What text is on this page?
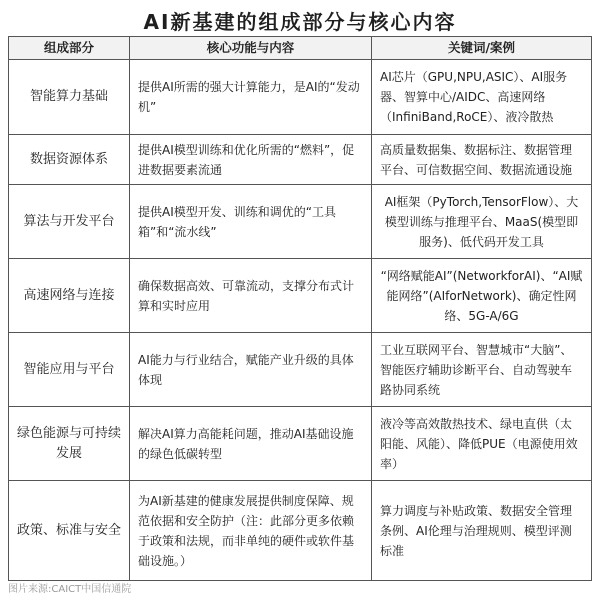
AI新基建的组成部分与核心内容
组成部分	核心功能与内容	关键词/案例
智能算力基础	提供AI所需的强大计算能力，是AI的“发动机”	AI芯片（GPU,NPU,ASIC）、AI服务器、智算中心/AIDC、高速网络（InfiniBand,RoCE）、液冷散热
数据资源体系	提供AI模型训练和优化所需的“燃料”，促进数据要素流通	高质量数据集、数据标注、数据管理平台、可信数据空间、数据流通设施
算法与开发平台	提供AI模型开发、训练和调优的“工具箱”和“流水线”	AI框架（PyTorch,TensorFlow）、大模型训练与推理平台、MaaS(模型即服务)、低代码开发工具
高速网络与连接	确保数据高效、可靠流动，支撑分布式计算和实时应用	“网络赋能AI”(NetworkforAI)、“AI赋能网络”(AIforNetwork)、确定性网络、5G-A/6G
智能应用与平台	AI能力与行业结合，赋能产业升级的具体体现	工业互联网平台、智慧城市“大脑”、智能医疗辅助诊断平台、自动驾驶车路协同系统
绿色能源与可持续发展	解决AI算力高能耗问题，推动AI基础设施的绿色低碳转型	液冷等高效散热技术、绿电直供（太阳能、风能）、降低PUE（电源使用效率）
政策、标准与安全	为AI新基建的健康发展提供制度保障、规范依据和安全防护（注：此部分更多依赖于政策和法规，而非单纯的硬件或软件基础设施。）	算力调度与补贴政策、数据安全管理条例、AI伦理与治理规则、模型评测标准
图片来源:CAICT中国信通院
